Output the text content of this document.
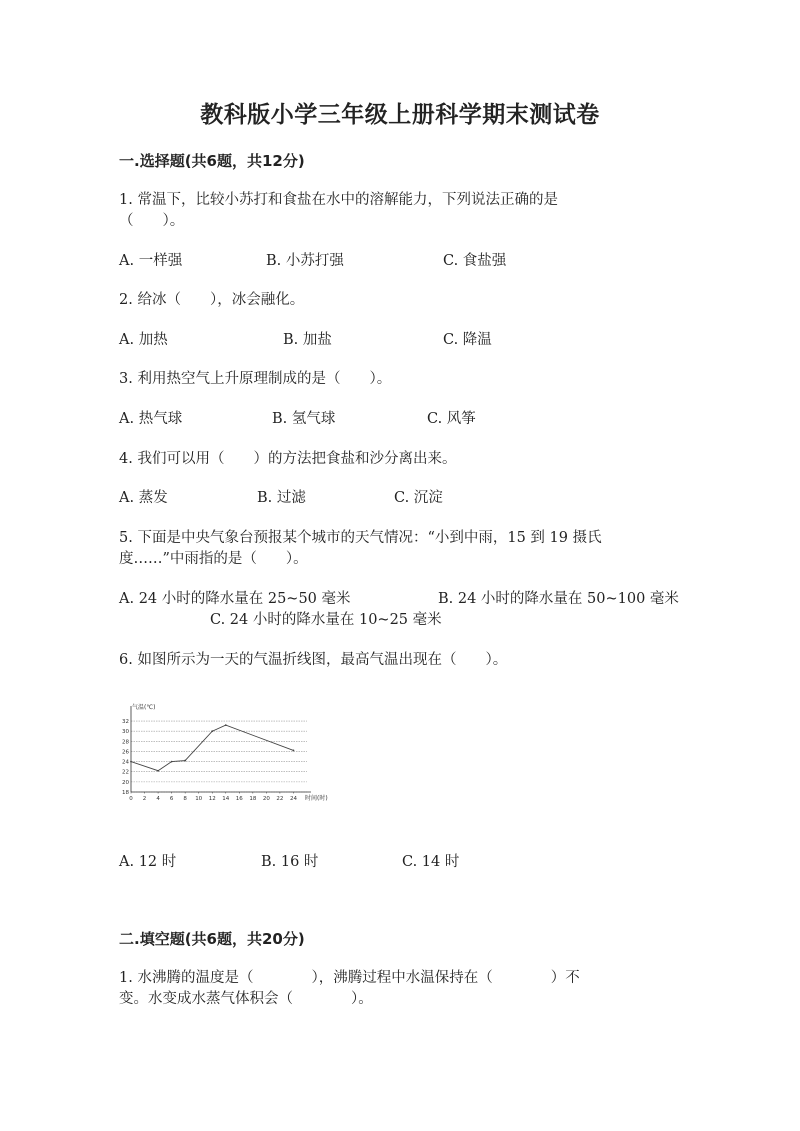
教科版小学三年级上册科学期末测试卷
一.选择题(共6题，共12分)
1. 常温下，比较小苏打和食盐在水中的溶解能力，下列说法正确的是
（　　）。
A. 一样强	B. 小苏打强	C. 食盐强
2. 给冰（　　），冰会融化。
A. 加热	B. 加盐	C. 降温
3. 利用热空气上升原理制成的是（　　）。
A. 热气球	B. 氢气球	C. 风筝
4. 我们可以用（　　）的方法把食盐和沙分离出来。
A. 蒸发	B. 过滤	C. 沉淀
5. 下面是中央气象台预报某个城市的天气情况：“小到中雨，15 到 19 摄氏
度……”中雨指的是（　　）。
A. 24 小时的降水量在 25~50 毫米	B. 24 小时的降水量在 50~100 毫米
C. 24 小时的降水量在 10~25 毫米
6. 如图所示为一天的气温折线图，最高气温出现在（　　）。
18
20
22
24
26
28
30
32
0 2 4 6 8 10 12 14 16 18 20 22 24
气温(℃)
时间(时)
A. 12 时	B. 16 时	C. 14 时
二.填空题(共6题，共20分)
1. 水沸腾的温度是（　　　　），沸腾过程中水温保持在（　　　　）不
变。水变成水蒸气体积会（　　　　）。
